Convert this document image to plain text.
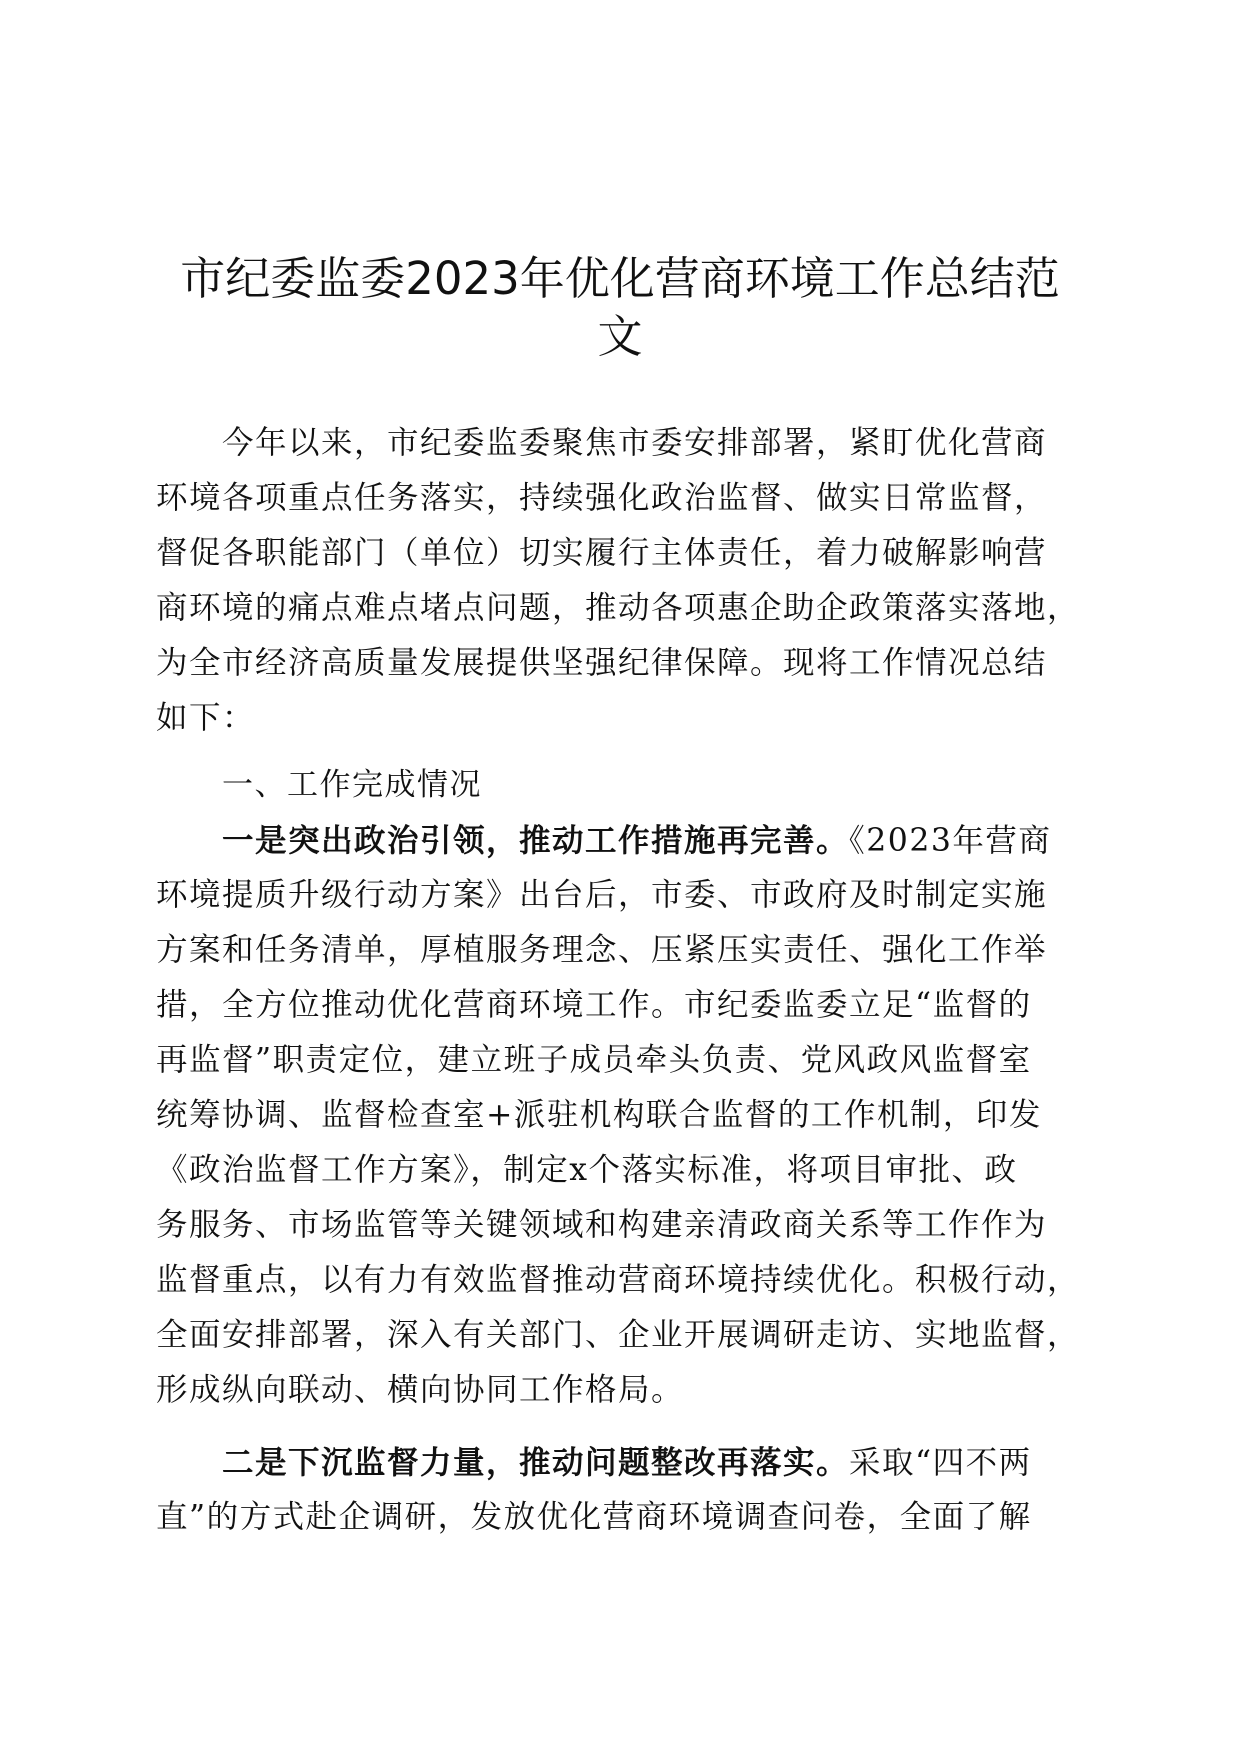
市纪委监委2023年优化营商环境工作总结范
文
今年以来，市纪委监委聚焦市委安排部署，紧盯优化营商
环境各项重点任务落实，持续强化政治监督、做实日常监督，
督促各职能部门（单位）切实履行主体责任，着力破解影响营
商环境的痛点难点堵点问题，推动各项惠企助企政策落实落地，
为全市经济高质量发展提供坚强纪律保障。现将工作情况总结
如下：
一、工作完成情况
一是突出政治引领，推动工作措施再完善。《2023年营商
环境提质升级行动方案》出台后，市委、市政府及时制定实施
方案和任务清单，厚植服务理念、压紧压实责任、强化工作举
措，全方位推动优化营商环境工作。市纪委监委立足“监督的
再监督”职责定位，建立班子成员牵头负责、党风政风监督室
统筹协调、监督检查室+派驻机构联合监督的工作机制，印发
《政治监督工作方案》，制定x个落实标准，将项目审批、政
务服务、市场监管等关键领域和构建亲清政商关系等工作作为
监督重点，以有力有效监督推动营商环境持续优化。积极行动，
全面安排部署，深入有关部门、企业开展调研走访、实地监督，
形成纵向联动、横向协同工作格局。
二是下沉监督力量，推动问题整改再落实。采取“四不两
直”的方式赴企调研，发放优化营商环境调查问卷，全面了解
